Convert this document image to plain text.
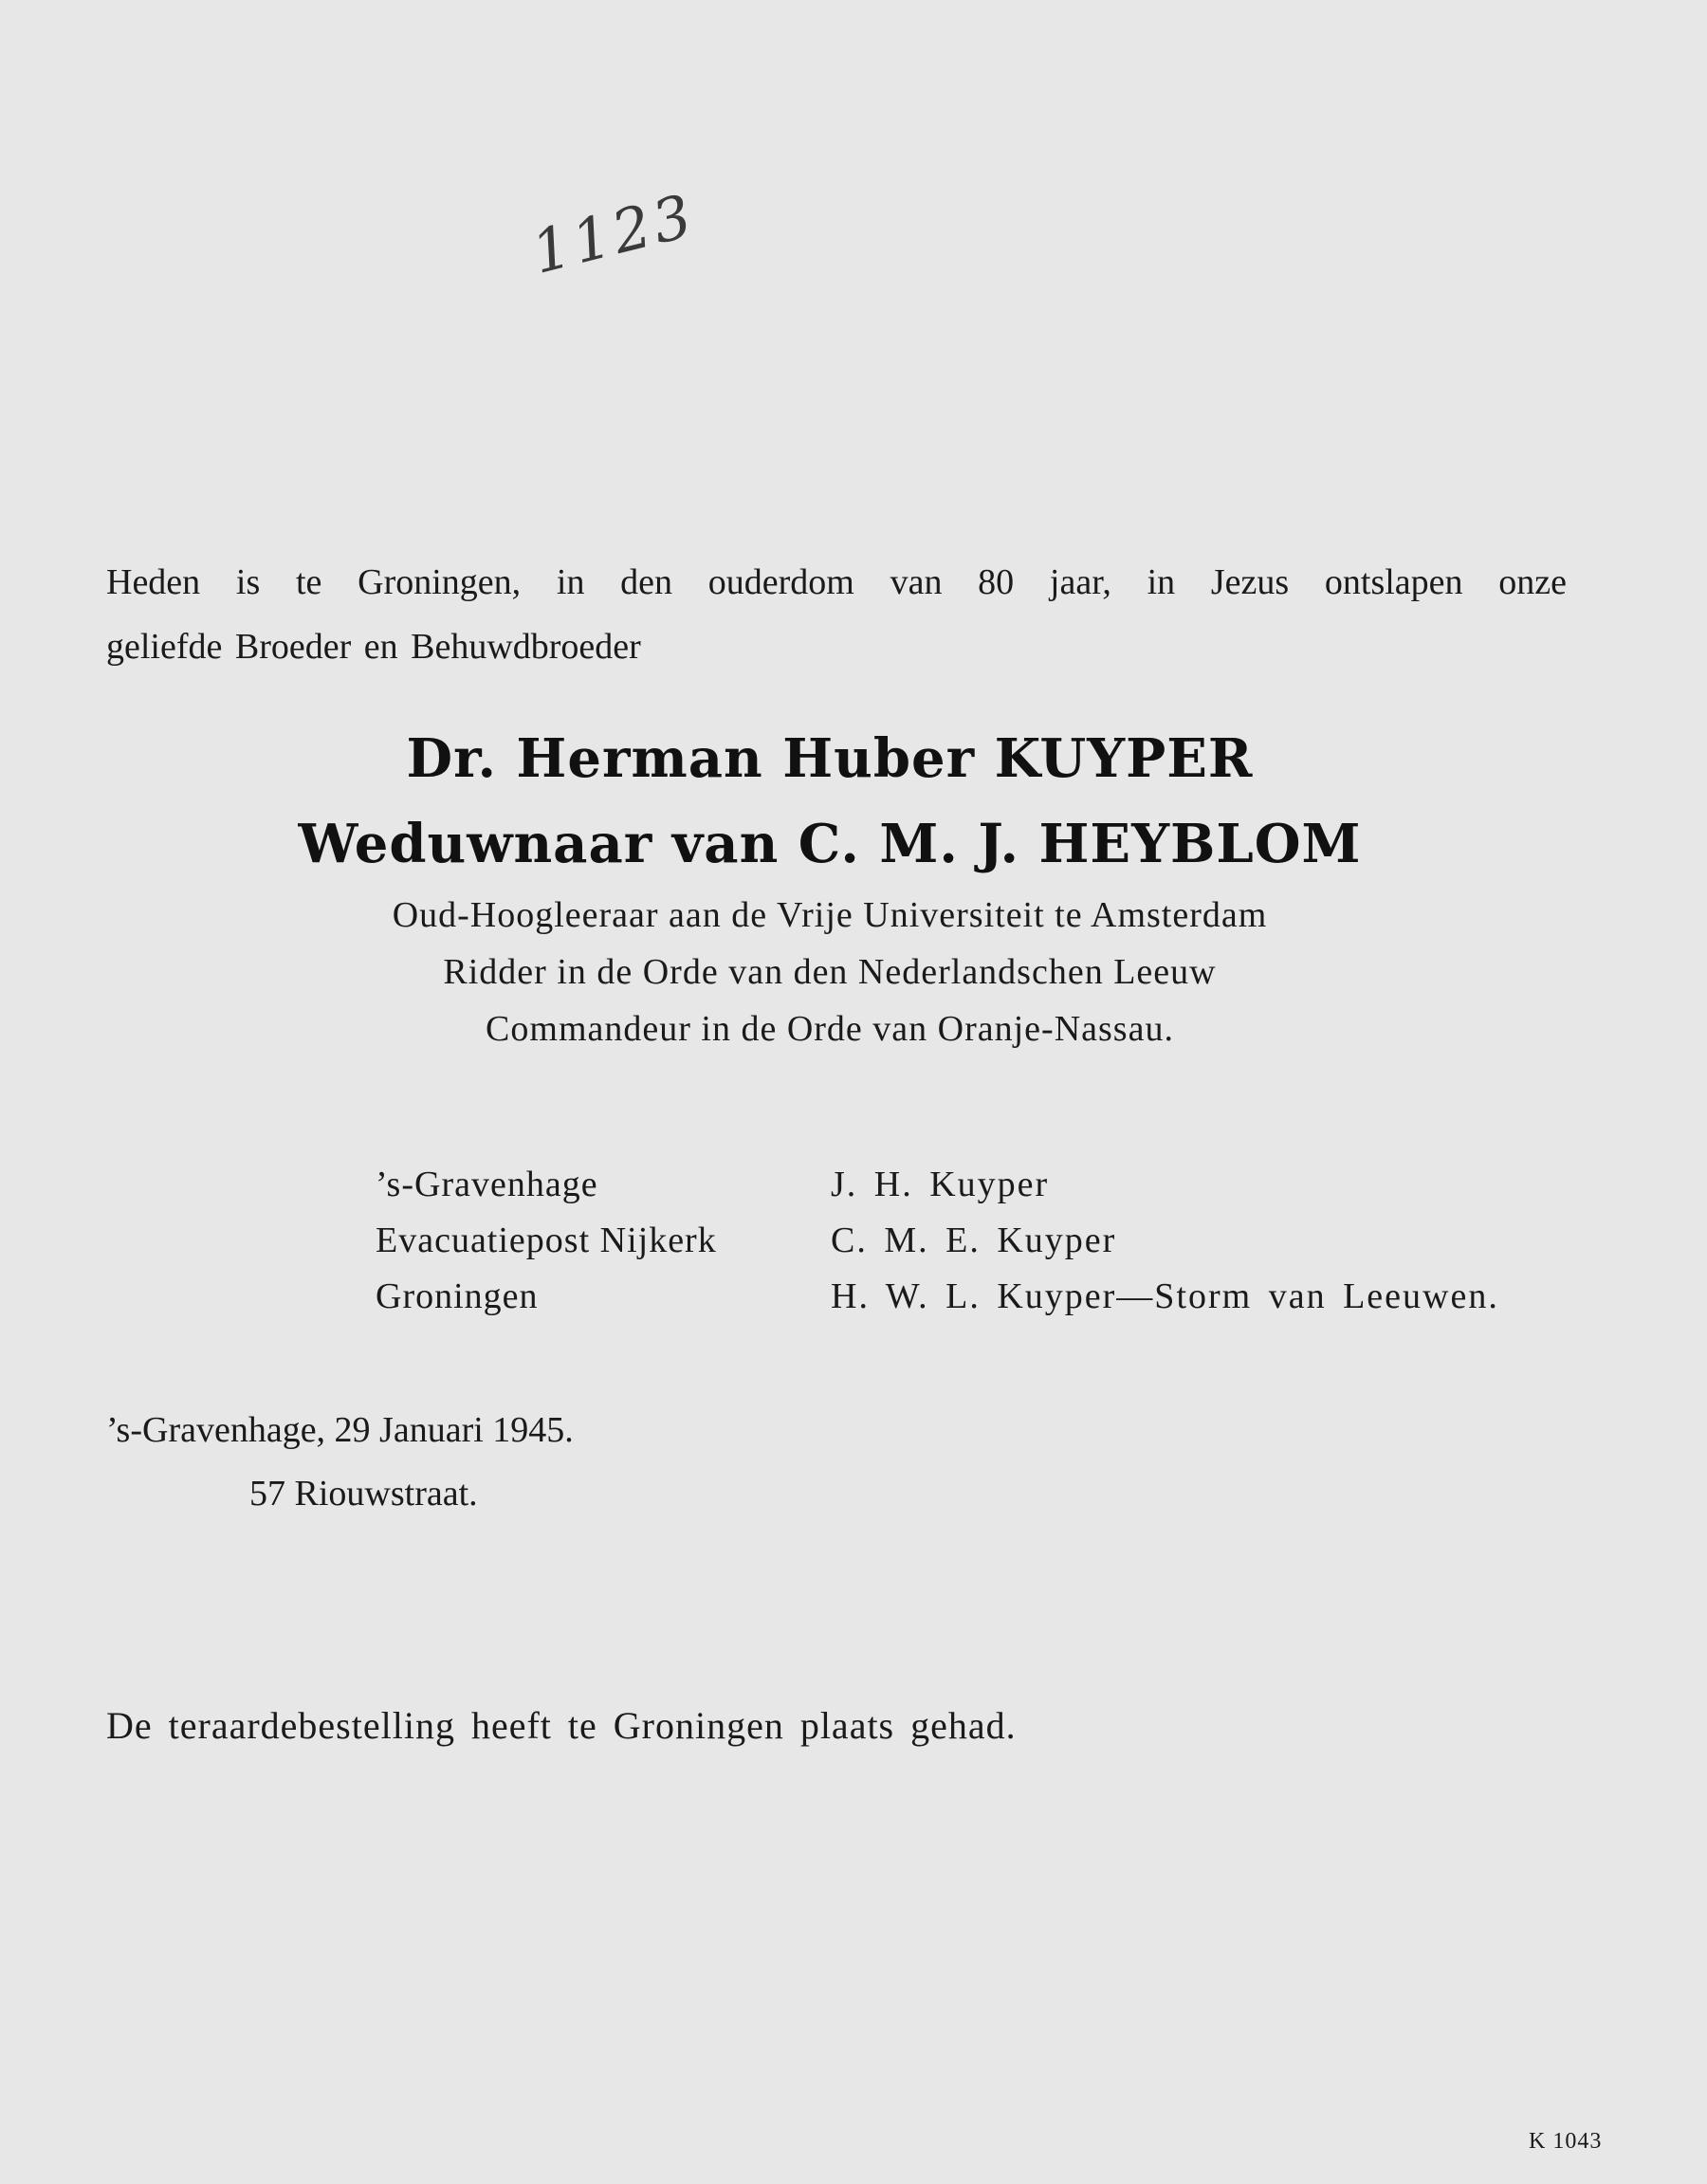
1123
Heden is te Groningen, in den ouderdom van 80 jaar, in Jezus ontslapen onze
geliefde Broeder en Behuwdbroeder
Dr. Herman Huber KUYPER
Weduwnaar van C. M. J. HEYBLOM
Oud-Hoogleeraar aan de Vrije Universiteit te Amsterdam
Ridder in de Orde van den Nederlandschen Leeuw
Commandeur in de Orde van Oranje-Nassau.
’s-Gravenhage	J. H. Kuyper
Evacuatiepost Nijkerk	C. M. E. Kuyper
Groningen	H. W. L. Kuyper—Storm van Leeuwen.
’s-Gravenhage, 29 Januari 1945.
57 Riouwstraat.
De teraardebestelling heeft te Groningen plaats gehad.
K 1043
